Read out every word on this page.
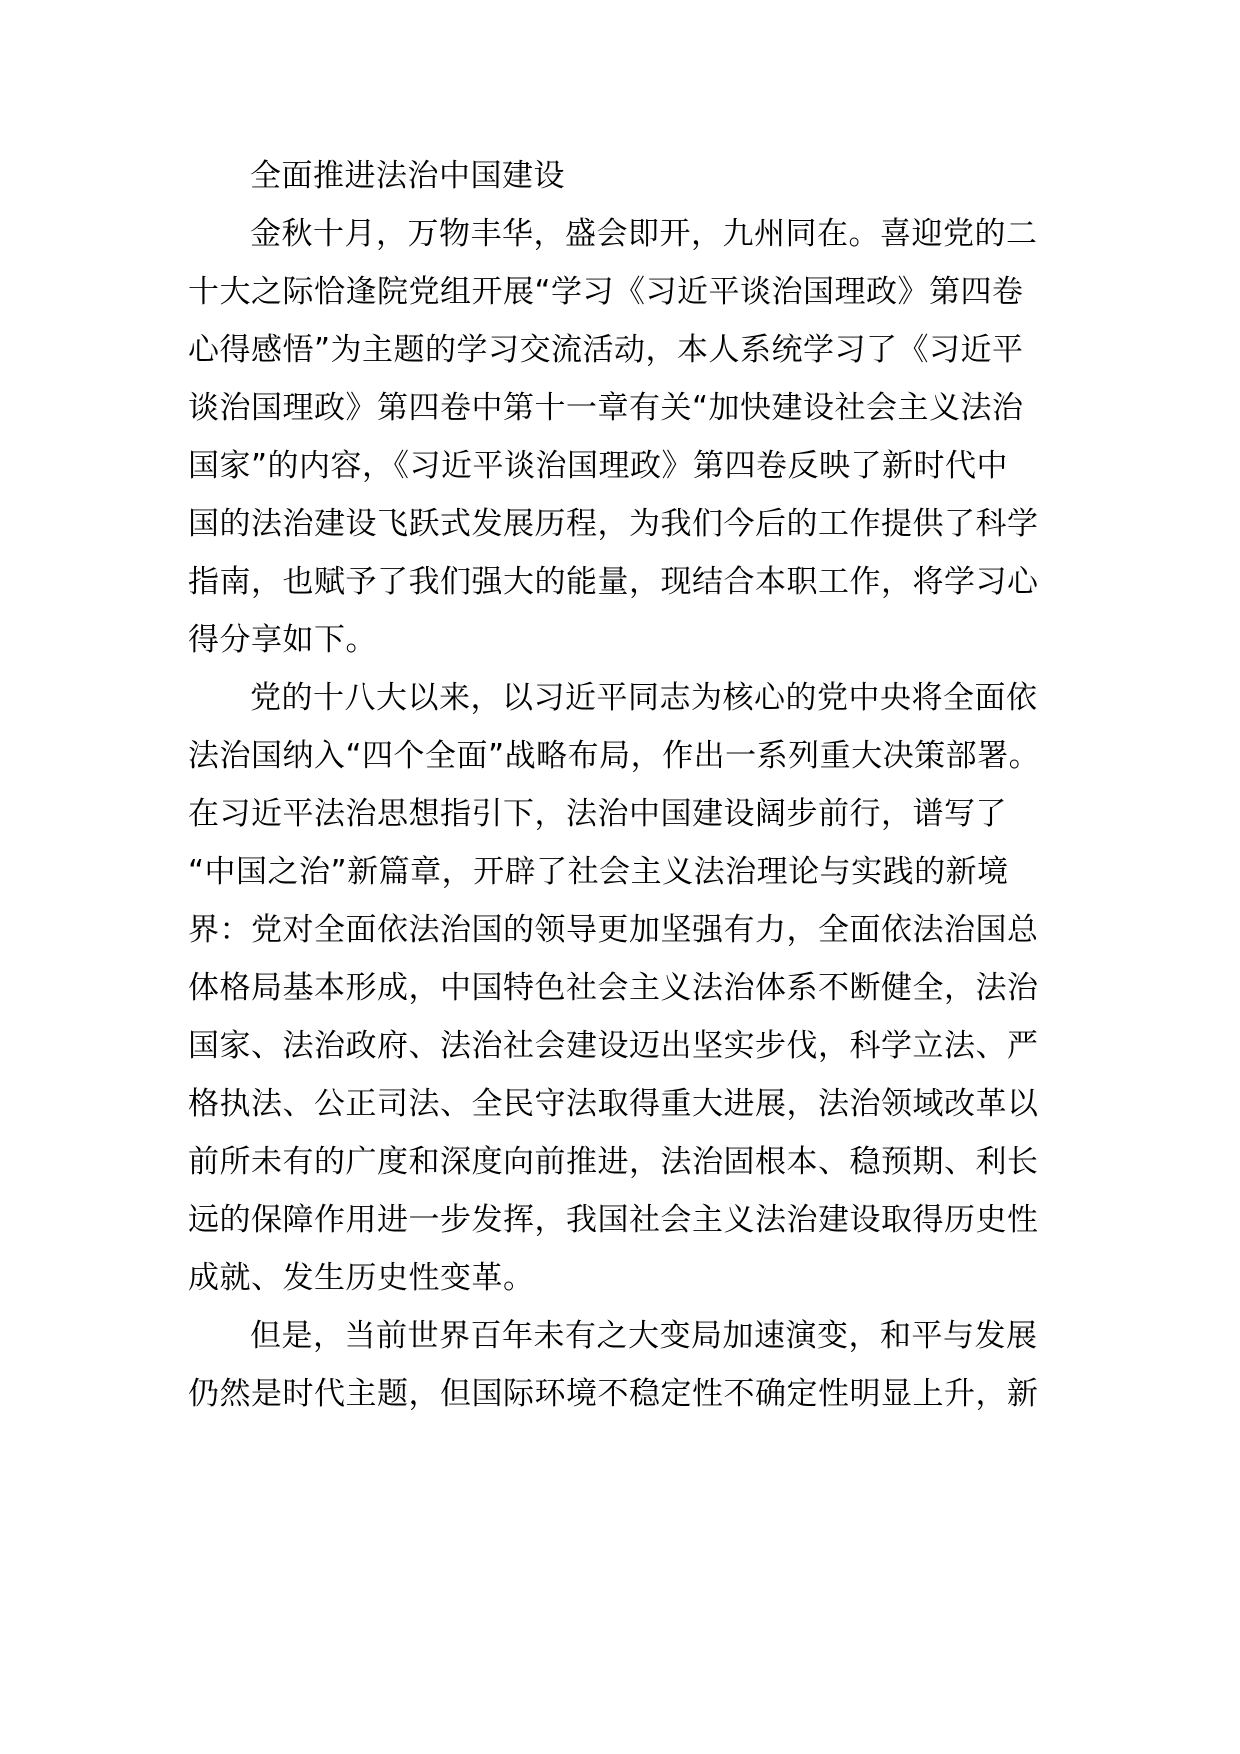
全面推进法治中国建设
金秋十月，万物丰华，盛会即开，九州同在。喜迎党的二
十大之际恰逢院党组开展“学习《习近平谈治国理政》第四卷
心得感悟”为主题的学习交流活动，本人系统学习了《习近平
谈治国理政》第四卷中第十一章有关“加快建设社会主义法治
国家”的内容，《习近平谈治国理政》第四卷反映了新时代中
国的法治建设飞跃式发展历程，为我们今后的工作提供了科学
指南，也赋予了我们强大的能量，现结合本职工作，将学习心
得分享如下。
党的十八大以来，以习近平同志为核心的党中央将全面依
法治国纳入“四个全面”战略布局，作出一系列重大决策部署。
在习近平法治思想指引下，法治中国建设阔步前行，谱写了
“中国之治”新篇章，开辟了社会主义法治理论与实践的新境
界：党对全面依法治国的领导更加坚强有力，全面依法治国总
体格局基本形成，中国特色社会主义法治体系不断健全，法治
国家、法治政府、法治社会建设迈出坚实步伐，科学立法、严
格执法、公正司法、全民守法取得重大进展，法治领域改革以
前所未有的广度和深度向前推进，法治固根本、稳预期、利长
远的保障作用进一步发挥，我国社会主义法治建设取得历史性
成就、发生历史性变革。
但是，当前世界百年未有之大变局加速演变，和平与发展
仍然是时代主题，但国际环境不稳定性不确定性明显上升，新
